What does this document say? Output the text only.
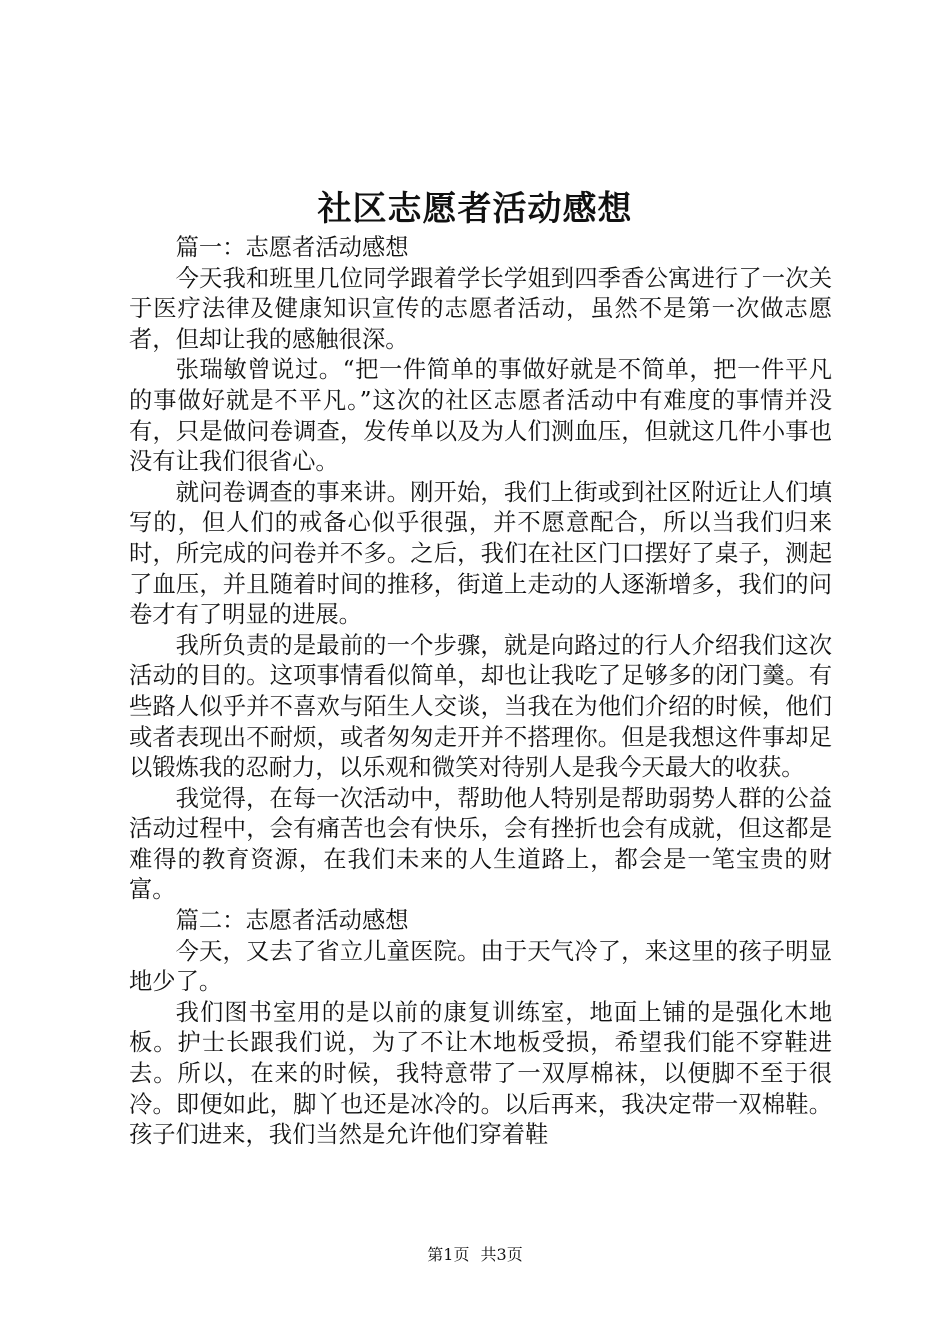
社区志愿者活动感想

篇一：志愿者活动感想

今天我和班里几位同学跟着学长学姐到四季香公寓进行了一次关于医疗法律及健康知识宣传的志愿者活动，虽然不是第一次做志愿者，但却让我的感触很深。

张瑞敏曾说过。“把一件简单的事做好就是不简单，把一件平凡的事做好就是不平凡。”这次的社区志愿者活动中有难度的事情并没有，只是做问卷调查，发传单以及为人们测血压，但就这几件小事也没有让我们很省心。

就问卷调查的事来讲。刚开始，我们上街或到社区附近让人们填写的，但人们的戒备心似乎很强，并不愿意配合，所以当我们归来时，所完成的问卷并不多。之后，我们在社区门口摆好了桌子，测起了血压，并且随着时间的推移，街道上走动的人逐渐增多，我们的问卷才有了明显的进展。

我所负责的是最前的一个步骤，就是向路过的行人介绍我们这次活动的目的。这项事情看似简单，却也让我吃了足够多的闭门羹。有些路人似乎并不喜欢与陌生人交谈，当我在为他们介绍的时候，他们或者表现出不耐烦，或者匆匆走开并不搭理你。但是我想这件事却足以锻炼我的忍耐力，以乐观和微笑对待别人是我今天最大的收获。

我觉得，在每一次活动中，帮助他人特别是帮助弱势人群的公益活动过程中，会有痛苦也会有快乐，会有挫折也会有成就，但这都是难得的教育资源，在我们未来的人生道路上，都会是一笔宝贵的财富。

篇二：志愿者活动感想

今天，又去了省立儿童医院。由于天气冷了，来这里的孩子明显地少了。

我们图书室用的是以前的康复训练室，地面上铺的是强化木地板。护士长跟我们说，为了不让木地板受损，希望我们能不穿鞋进去。所以，在来的时候，我特意带了一双厚棉袜，以便脚不至于很冷。即便如此，脚丫也还是冰冷的。以后再来，我决定带一双棉鞋。孩子们进来，我们当然是允许他们穿着鞋

第1页 共3页
